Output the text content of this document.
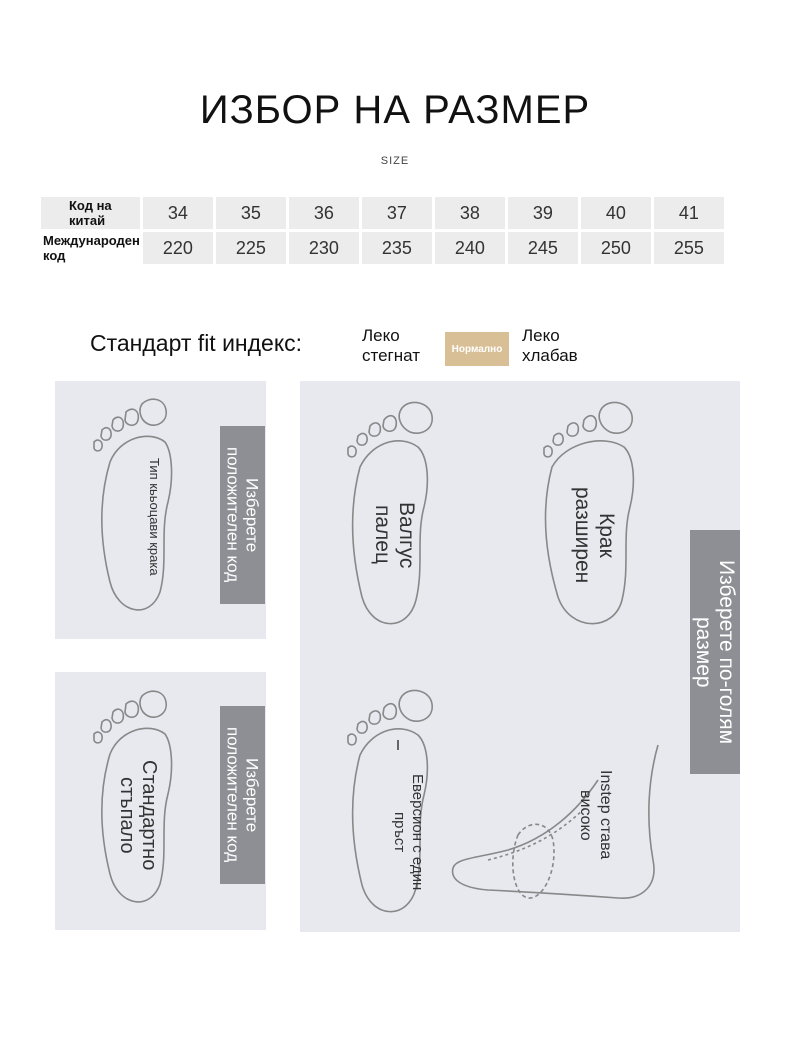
ИЗБОР НА РАЗМЕР
SIZE
Код на китай	34	35	36	37	38	39	40	41
Международен код	220	225	230	235	240	245	250	255
Стандарт fit индекс:	Леко стегнат	Нормално
Леко хлабав
Тип кььоцави крака	Изберете положителен код
Стандартно стъпало	Изберете положителен код
Валгус палец	Крак разширен
Изберете по-голям размер
Еверсион с един пръст	Instep става високо
